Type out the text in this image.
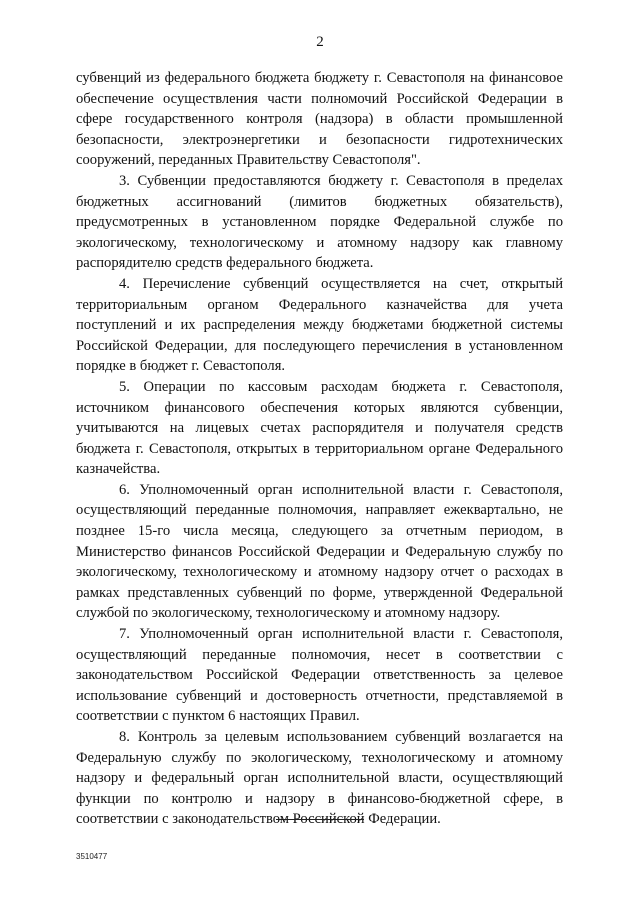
2

субвенций из федерального бюджета бюджету г. Севастополя на финансовое обеспечение осуществления части полномочий Российской Федерации в сфере государственного контроля (надзора) в области промышленной безопасности, электроэнергетики и безопасности гидротехнических сооружений, переданных Правительству Севастополя".

3. Субвенции предоставляются бюджету г. Севастополя в пределах бюджетных ассигнований (лимитов бюджетных обязательств), предусмотренных в установленном порядке Федеральной службе по экологическому, технологическому и атомному надзору как главному распорядителю средств федерального бюджета.

4. Перечисление субвенций осуществляется на счет, открытый территориальным органом Федерального казначейства для учета поступлений и их распределения между бюджетами бюджетной системы Российской Федерации, для последующего перечисления в установленном порядке в бюджет г. Севастополя.

5. Операции по кассовым расходам бюджета г. Севастополя, источником финансового обеспечения которых являются субвенции, учитываются на лицевых счетах распорядителя и получателя средств бюджета г. Севастополя, открытых в территориальном органе Федерального казначейства.

6. Уполномоченный орган исполнительной власти г. Севастополя, осуществляющий переданные полномочия, направляет ежеквартально, не позднее 15-го числа месяца, следующего за отчетным периодом, в Министерство финансов Российской Федерации и Федеральную службу по экологическому, технологическому и атомному надзору отчет о расходах в рамках представленных субвенций по форме, утвержденной Федеральной службой по экологическому, технологическому и атомному надзору.

7. Уполномоченный орган исполнительной власти г. Севастополя, осуществляющий переданные полномочия, несет в соответствии с законодательством Российской Федерации ответственность за целевое использование субвенций и достоверность отчетности, представляемой в соответствии с пунктом 6 настоящих Правил.

8. Контроль за целевым использованием субвенций возлагается на Федеральную службу по экологическому, технологическому и атомному надзору и федеральный орган исполнительной власти, осуществляющий функции по контролю и надзору в финансово-бюджетной сфере, в соответствии с законодательством Российской Федерации.

3510477
